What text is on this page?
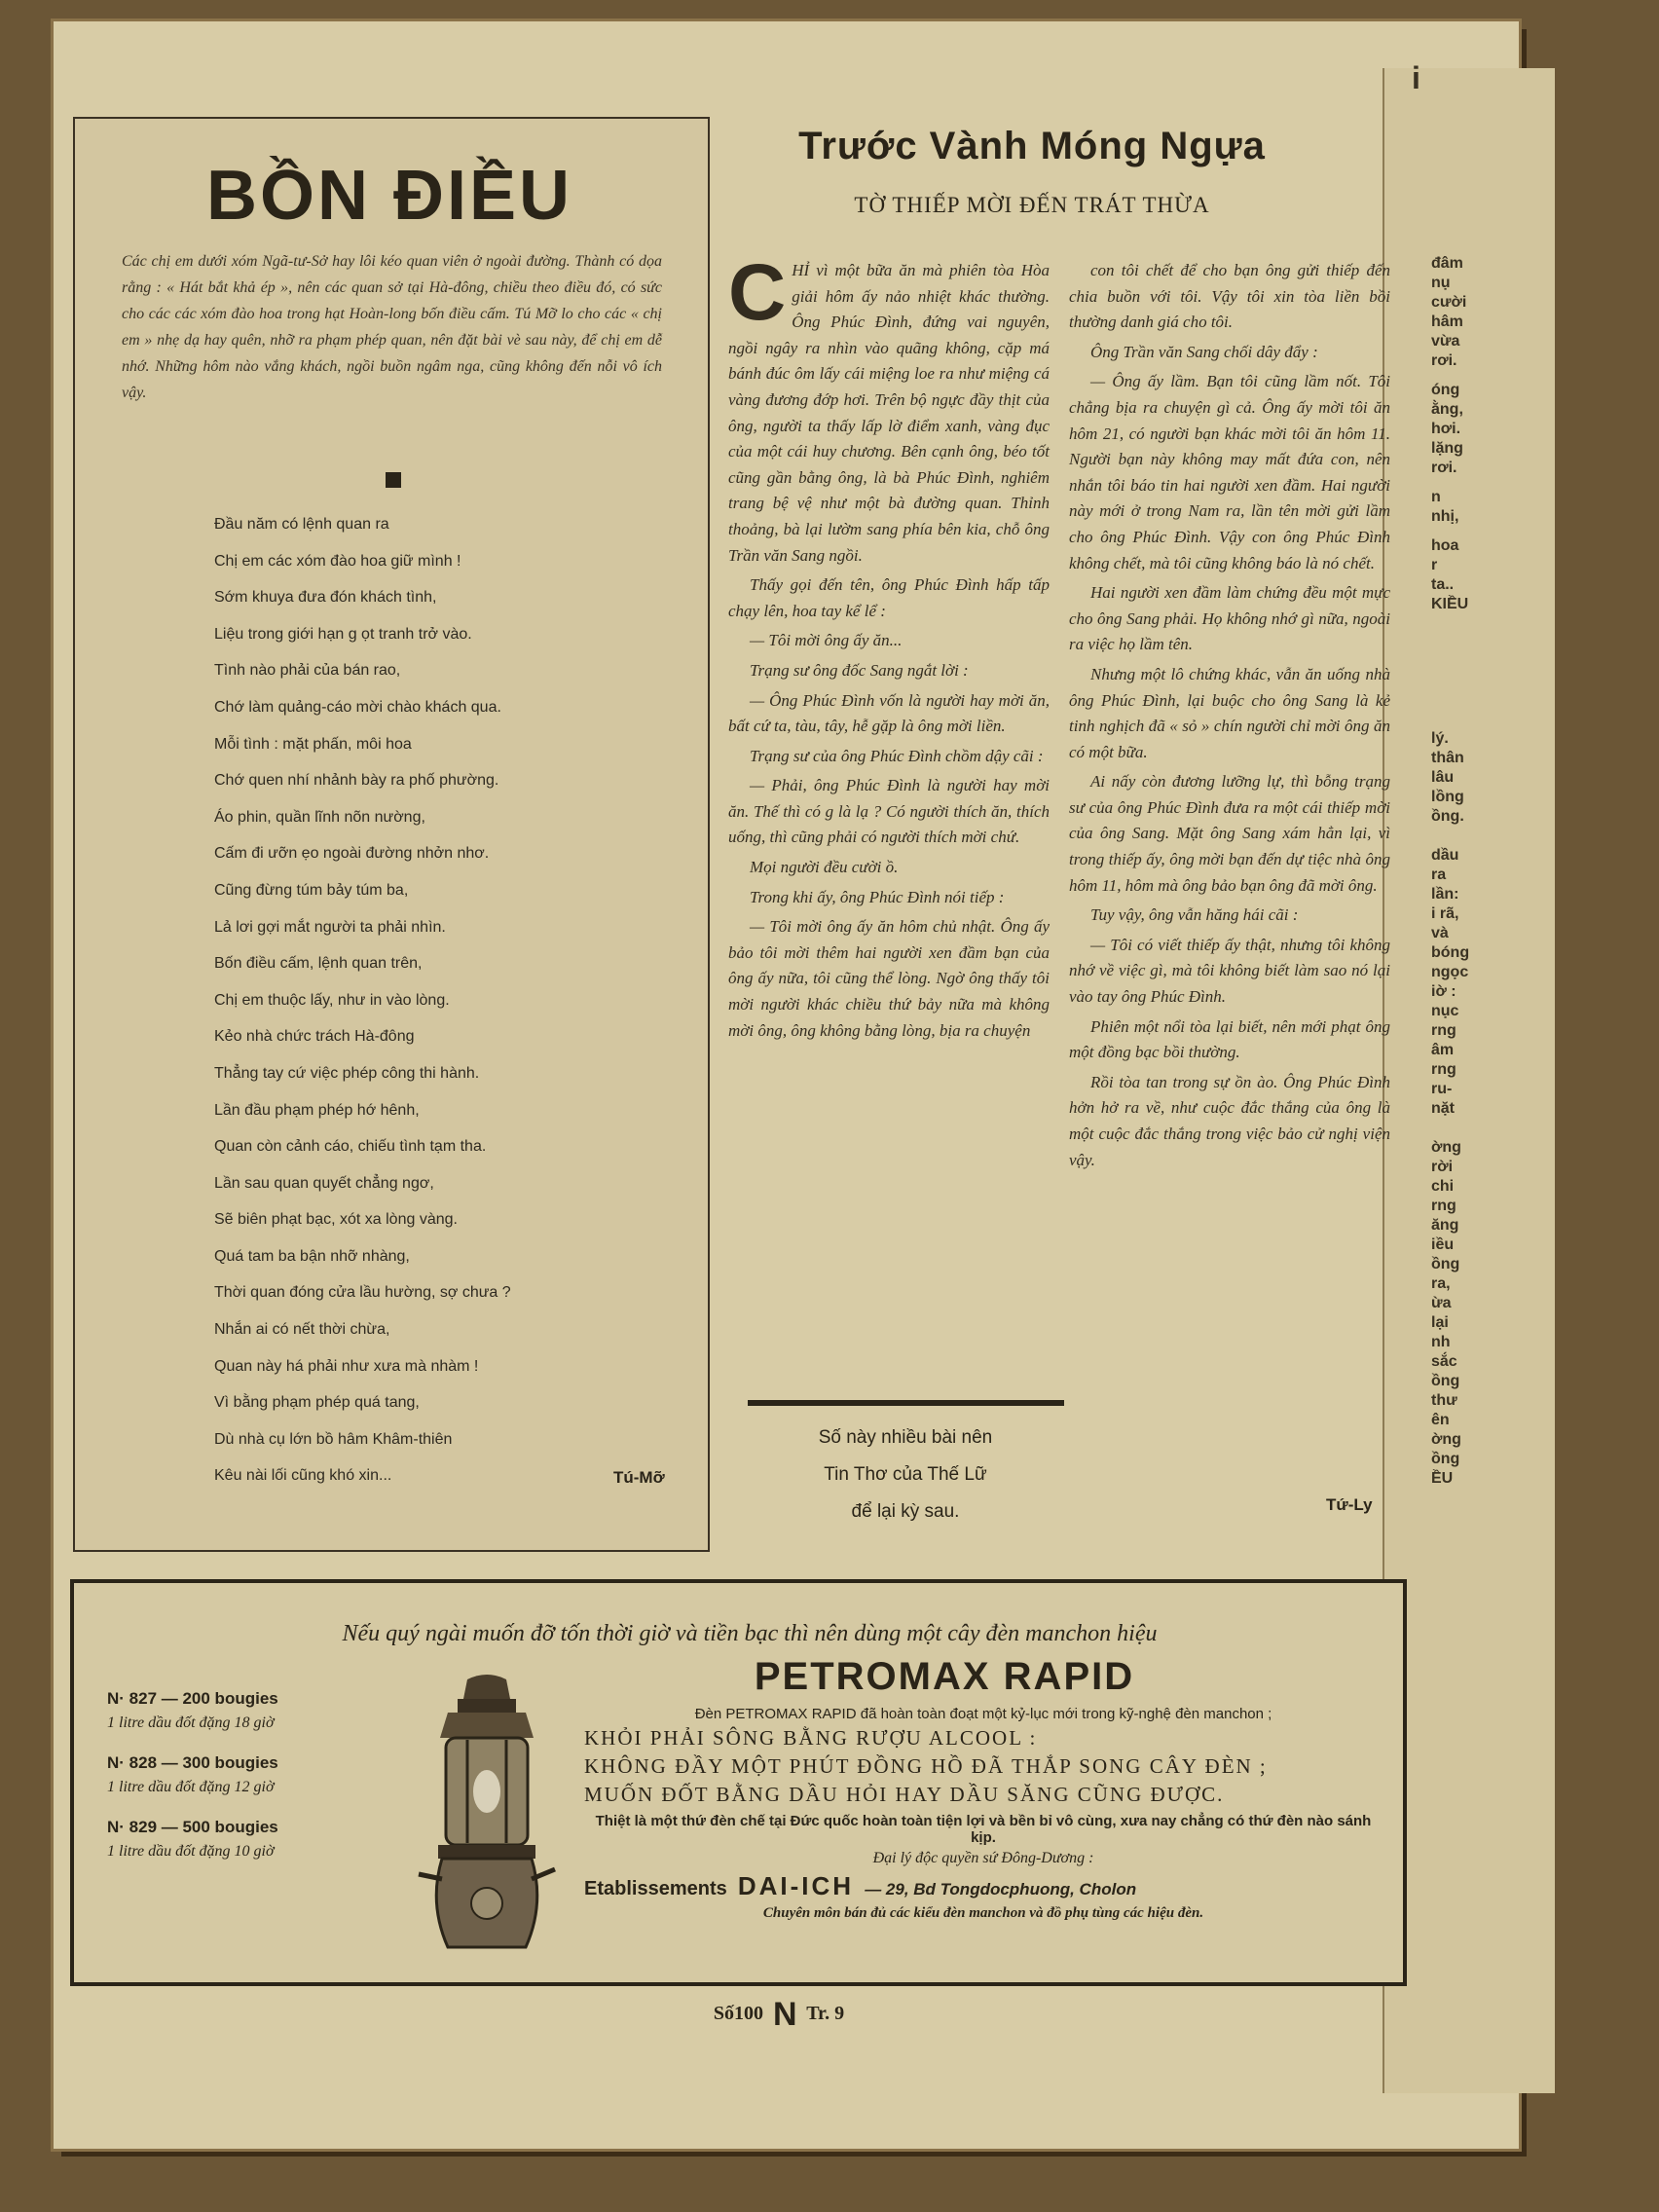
i
đâm
nụ
cười
hâm
vừa
rơi.
óng
ằng,
hơi.
lặng
rơi.
n
nhị,
hoa
r
ta..
KIỀU
lý.
thân
lâu
lồng
ồng.
dầu
ra
lần:
i rã,
và
bóng
ngọc
iờ :
nục
rng
âm
rng
ru-
nặt
ờng
rời
chi
rng
ăng
iều
ồng
ra,
ừa
lại
nh
sắc
ồng
thư
ên
ờng
ồng
ỀU
BỒN ĐIỀU
Các chị em dưới xóm Ngã-tư-Sở hay lôi kéo quan viên ở ngoài đường. Thành có dọa rằng : « Hát bắt khả ép », nên các quan sở tại Hà-đông, chiều theo điều đó, có sức cho các các xóm đào hoa trong hạt Hoàn-long bốn điều cấm. Tú Mỡ lo cho các « chị em » nhẹ dạ hay quên, nhỡ ra phạm phép quan, nên đặt bài vè sau này, để chị em dễ nhớ. Những hôm nào vắng khách, ngồi buồn ngâm nga, cũng không đến nỗi vô ích vậy.
Đầu năm có lệnh quan ra
Chị em các xóm đào hoa giữ mình !
Sớm khuya đưa đón khách tình,
Liệu trong giới hạn g ọt tranh trở vào.
Tình nào phải của bán rao,
Chớ làm quảng-cáo mời chào khách qua.
Mỗi tình : mặt phấn, môi hoa
Chớ quen nhí nhảnh bày ra phố phường.
Áo phin, quần lĩnh nõn nường,
Cấm đi ưỡn ẹo ngoài đường nhởn nhơ.
Cũng đừng túm bảy túm ba,
Lả lơi gợi mắt người ta phải nhìn.
Bốn điều cấm, lệnh quan trên,
Chị em thuộc lấy, như in vào lòng.
Kẻo nhà chức trách Hà-đông
Thẳng tay cứ việc phép công thi hành.
Lần đầu phạm phép hớ hênh,
Quan còn cảnh cáo, chiếu tình tạm tha.
Lần sau quan quyết chẳng ngơ,
Sẽ biên phạt bạc, xót xa lòng vàng.
Quá tam ba bận nhỡ nhàng,
Thời quan đóng cửa lầu hường, sợ chưa ?
Nhắn ai có nết thời chừa,
Quan này há phải như xưa mà nhàm !
Vì bằng phạm phép quá tang,
Dù nhà cụ lớn bồ hâm Khâm-thiên
Kêu nài lối cũng khó xin...	Tú-Mỡ
Trước Vành Móng Ngựa
TỜ THIẾP MỜI ĐẾN TRÁT THỪA

CHỈ vì một bữa ăn mà phiên tòa Hòa giải hôm ấy nảo nhiệt khác thường. Ông Phúc Đình, đứng vai nguyên, ngồi ngây ra nhìn vào quãng không, cặp má bánh đúc ôm lấy cái miệng loe ra như miệng cá vàng đương đớp hơi. Trên bộ ngực đầy thịt của ông, người ta thấy lấp lờ điểm xanh, vàng đục của một cái huy chương. Bên cạnh ông, béo tốt cũng gần bằng ông, là bà Phúc Đình, nghiêm trang bệ vệ như một bà đường quan. Thỉnh thoảng, bà lại lườm sang phía bên kia, chỗ ông Trần văn Sang ngồi.

Thấy gọi đến tên, ông Phúc Đình hấp tấp chạy lên, hoa tay kể lể :

— Tôi mời ông ấy ăn...

Trạng sư ông đốc Sang ngắt lời :

— Ông Phúc Đình vốn là người hay mời ăn, bất cứ ta, tàu, tây, hễ gặp là ông mời liền.

Trạng sư của ông Phúc Đình chồm dậy cãi :

— Phải, ông Phúc Đình là người hay mời ăn. Thế thì có g là lạ ? Có người thích ăn, thích uống, thì cũng phải có người thích mời chứ.

Mọi người đều cười ồ.

Trong khi ấy, ông Phúc Đình nói tiếp :

— Tôi mời ông ấy ăn hôm chủ nhật. Ông ấy bảo tôi mời thêm hai người xen đầm bạn của ông ấy nữa, tôi cũng thể lòng. Ngờ ông thấy tôi mời người khác chiều thứ bảy nữa mà không mời ông, ông không bằng lòng, bịa ra chuyện

con tôi chết để cho bạn ông gửi thiếp đến chia buồn với tôi. Vậy tôi xin tòa liền bồi thường danh giá cho tôi.

Ông Trần văn Sang chối dây đẩy :

— Ông ấy lầm. Bạn tôi cũng lầm nốt. Tôi chẳng bịa ra chuyện gì cả. Ông ấy mời tôi ăn hôm 21, có người bạn khác mời tôi ăn hôm 11. Người bạn này không may mất đứa con, nên nhắn tôi báo tin hai người xen đầm. Hai người này mới ở trong Nam ra, lần tên mời gửi lầm cho ông Phúc Đình. Vậy con ông Phúc Đình không chết, mà tôi cũng không báo là nó chết.

Hai người xen đầm làm chứng đều một mực cho ông Sang phải. Họ không nhớ gì nữa, ngoài ra việc họ lầm tên.

Nhưng một lô chứng khác, vẫn ăn uống nhà ông Phúc Đình, lại buộc cho ông Sang là kẻ tinh nghịch đã « sỏ » chín người chỉ mời ông ăn có một bữa.

Ai nấy còn đương lưỡng lự, thì bỗng trạng sư của ông Phúc Đình đưa ra một cái thiếp mời của ông Sang. Mặt ông Sang xám hẳn lại, vì trong thiếp ấy, ông mời bạn đến dự tiệc nhà ông hôm 11, hôm mà ông bảo bạn ông đã mời ông.

Tuy vậy, ông vẫn hăng hái cãi :

— Tôi có viết thiếp ấy thật, nhưng tôi không nhớ về việc gì, mà tôi không biết làm sao nó lại vào tay ông Phúc Đình.

Phiên một nổi tòa lại biết, nên mới phạt ông một đồng bạc bồi thường.

Rồi tòa tan trong sự ồn ào. Ông Phúc Đình hởn hở ra về, như cuộc đắc thắng của ông là một cuộc đắc thắng trong việc bảo cử nghị viện vậy.

Số này nhiều bài nên
Tin Thơ của Thế Lữ
để lại kỳ sau.	Tứ-Ly
Nếu quý ngài muốn đỡ tốn thời giờ và tiền bạc thì nên dùng một cây đèn manchon hiệu
PETROMAX RAPID
N· 827 — 200 bougies
1 litre dầu đốt đặng 18 giờ
N· 828 — 300 bougies
1 litre dầu đốt đặng 12 giờ
N· 829 — 500 bougies
1 litre dầu đốt đặng 10 giờ
Đèn PETROMAX RAPID đã hoàn toàn đoạt một kỷ-lục mới trong kỹ-nghệ đèn manchon ;
KHỎI PHẢI SÔNG BẰNG RƯỢU ALCOOL :
KHÔNG ĐẦY MỘT PHÚT ĐỒNG HỒ ĐÃ THẮP SONG CÂY ĐÈN ;
MUỐN ĐỐT BẰNG DẦU HỎI HAY DẦU SĂNG CŨNG ĐƯỢC.
Thiệt là một thứ đèn chế tại Đức quốc hoàn toàn tiện lợi và bền bỉ vô cùng, xưa nay chẳng có thứ đèn nào sánh kịp.
Đại lý độc quyền sứ Đông-Dương :
Etablissements DAI-ICH — 29, Bd Tongdocphuong, Cholon
Chuyên môn bán đủ các kiểu đèn manchon và đồ phụ tùng các hiệu đèn.
Số100 N Tr. 9
